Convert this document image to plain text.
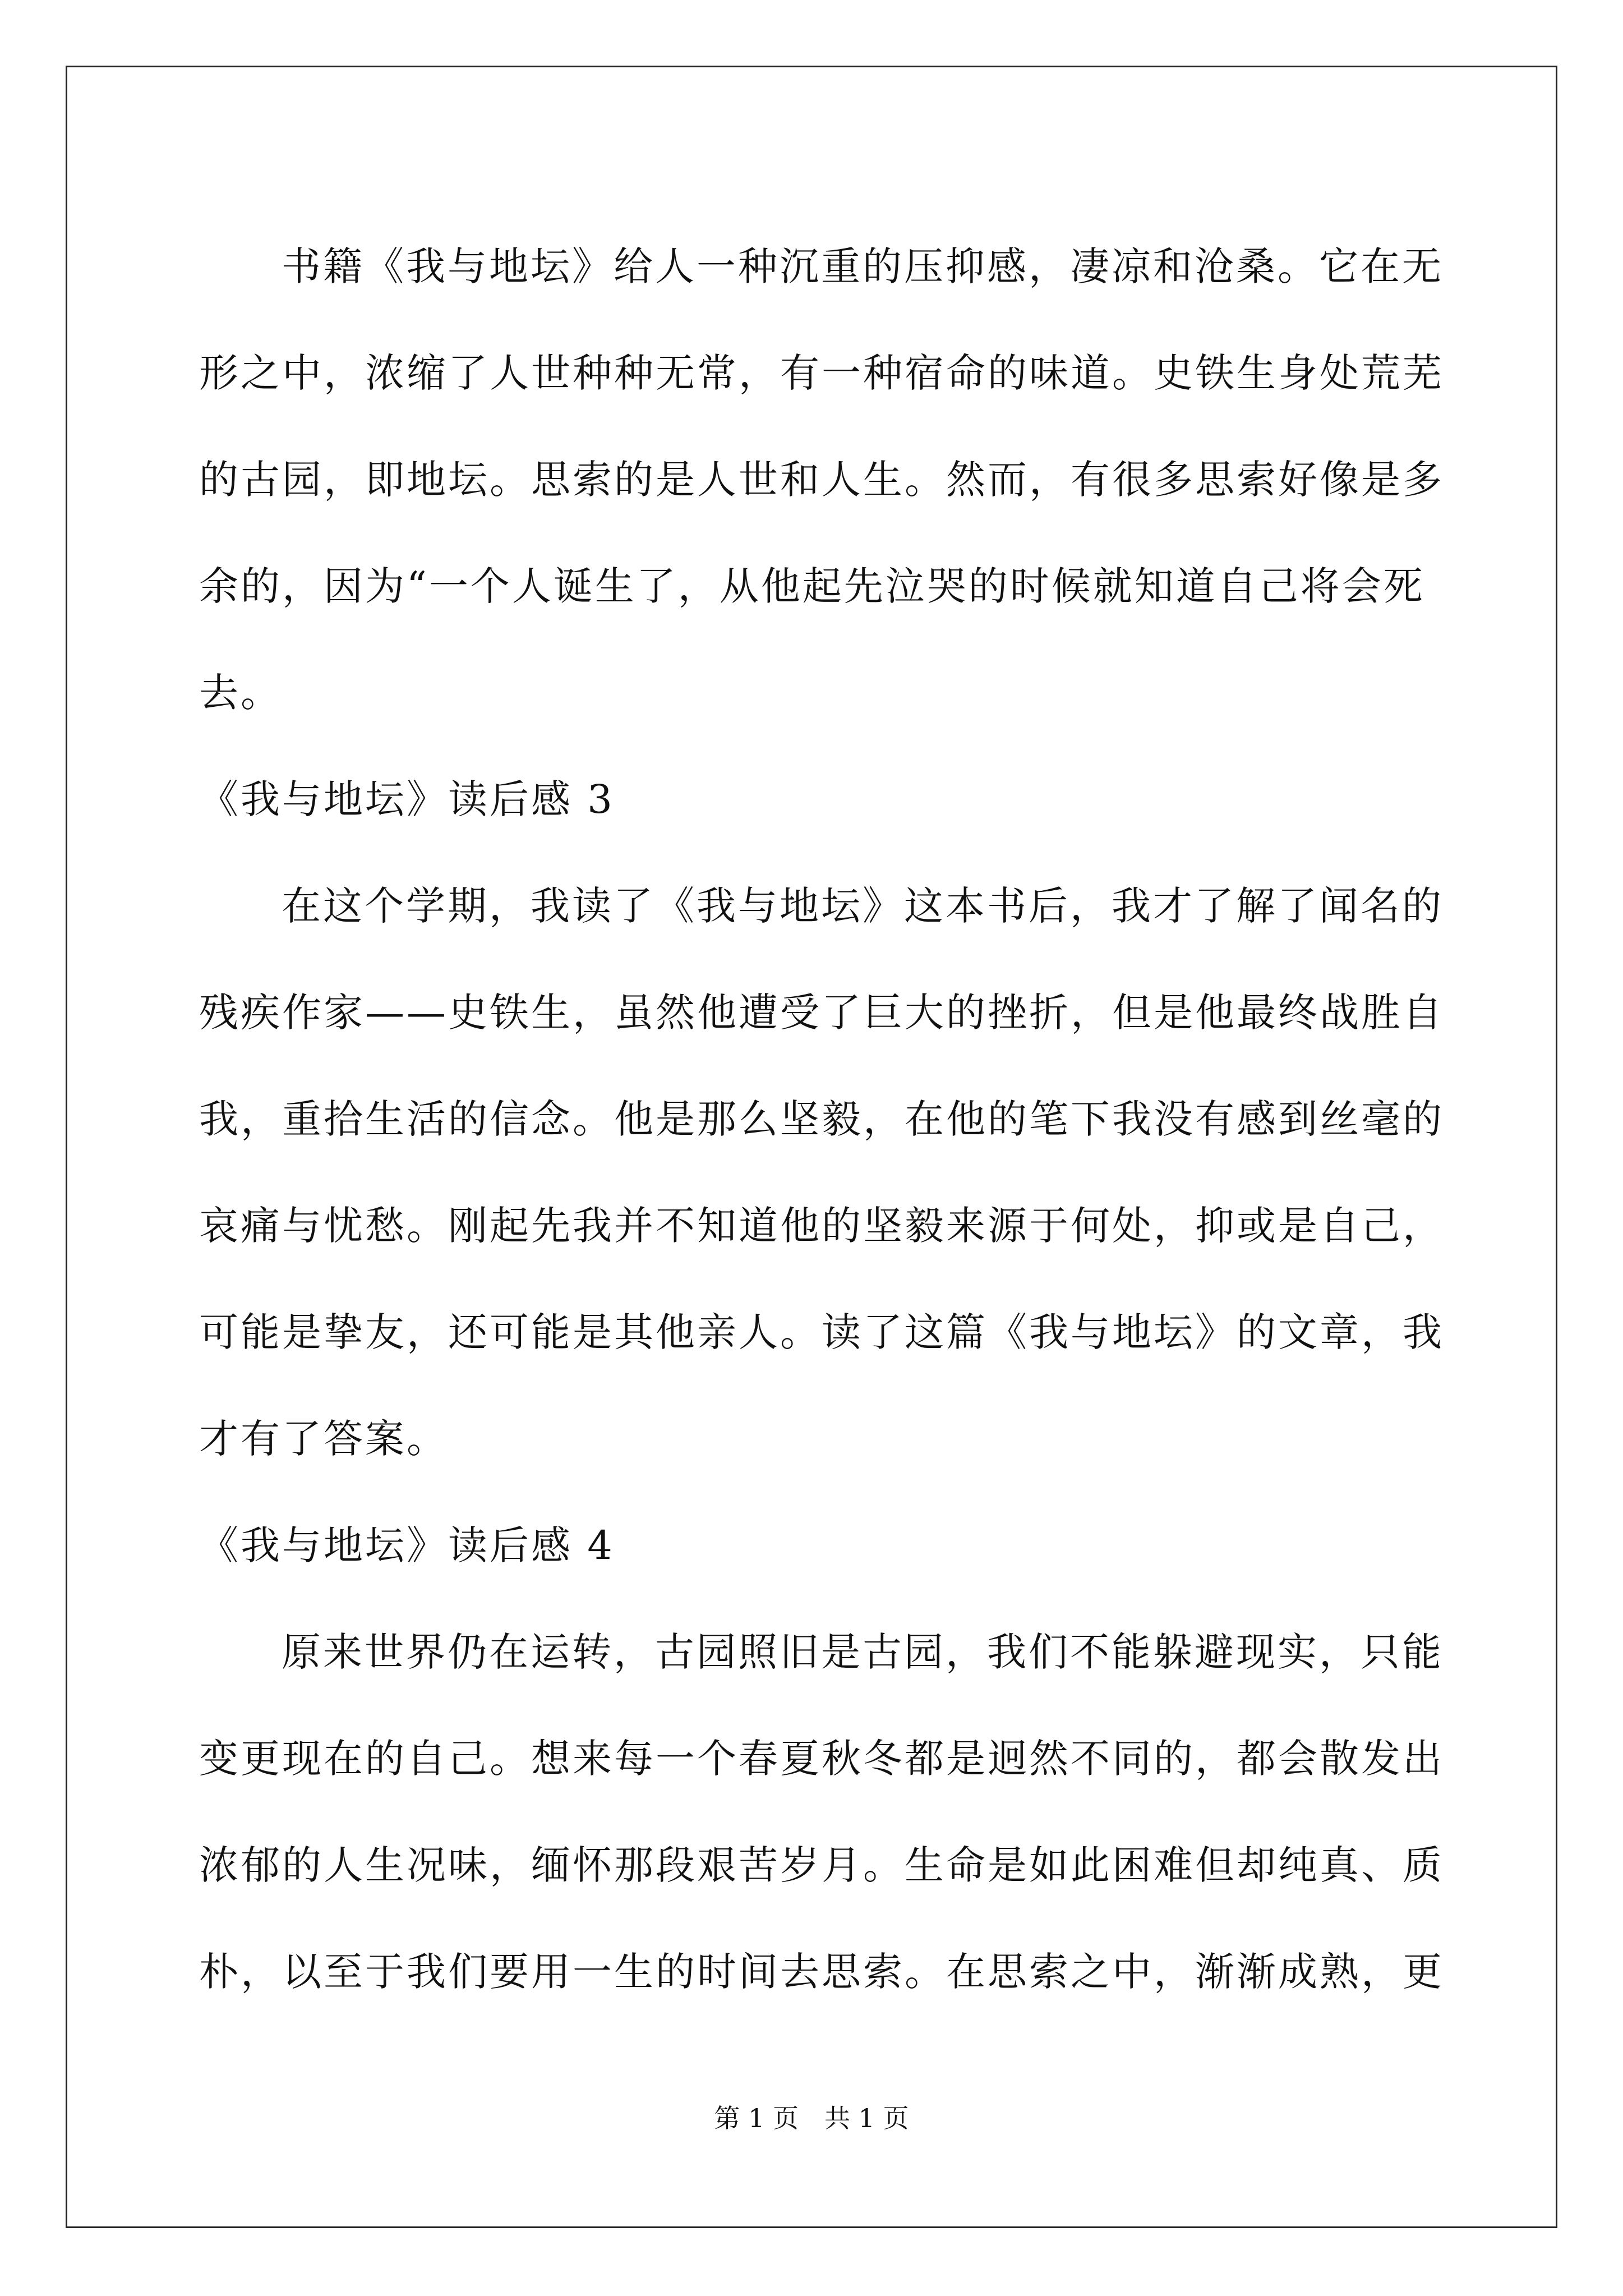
书籍《我与地坛》给人一种沉重的压抑感，凄凉和沧桑。它在无
形之中，浓缩了人世种种无常，有一种宿命的味道。史铁生身处荒芜
的古园，即地坛。思索的是人世和人生。然而，有很多思索好像是多
余的，因为“一个人诞生了，从他起先泣哭的时候就知道自己将会死
去。
《我与地坛》读后感 3
在这个学期，我读了《我与地坛》这本书后，我才了解了闻名的
残疾作家——史铁生，虽然他遭受了巨大的挫折，但是他最终战胜自
我，重拾生活的信念。他是那么坚毅，在他的笔下我没有感到丝毫的
哀痛与忧愁。刚起先我并不知道他的坚毅来源于何处，抑或是自己，
可能是挚友，还可能是其他亲人。读了这篇《我与地坛》的文章，我
才有了答案。
《我与地坛》读后感 4
原来世界仍在运转，古园照旧是古园，我们不能躲避现实，只能
变更现在的自己。想来每一个春夏秋冬都是迥然不同的，都会散发出
浓郁的人生况味，缅怀那段艰苦岁月。生命是如此困难但却纯真、质
朴，以至于我们要用一生的时间去思索。在思索之中，渐渐成熟，更
第 1 页　共 1 页
